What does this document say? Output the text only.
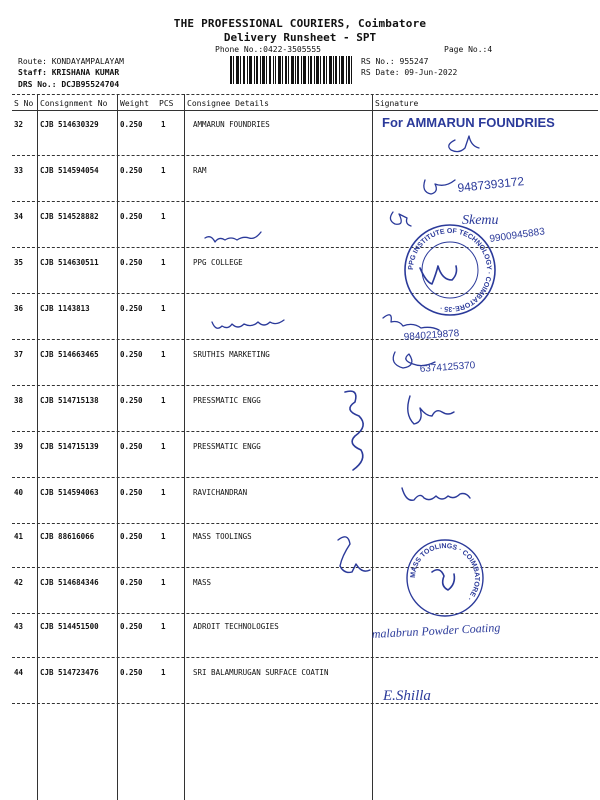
THE PROFESSIONAL COURIERS, Coimbatore
Delivery Runsheet - SPT
Phone No.:0422-3505555	Page No.:4
Route: KONDAYAMPALAYAM
Staff: KRISHANA KUMAR
DRS No.: DCJB95524704
RS No.: 955247
RS Date: 09-Jun-2022
S No Consignment No Weight PCS Consignee Details	Signature
32 CJB 514630329	0.250 1	AMMARUN FOUNDRIES
33 CJB 514594054	0.250 1	RAM
34 CJB 514528882	0.250 1
35 CJB 514630511	0.250 1	PPG COLLEGE
36 CJB 1143813	0.250 1
37 CJB 514663465	0.250 1	SRUTHIS MARKETING
38 CJB 514715138	0.250 1	PRESSMATIC ENGG
39 CJB 514715139	0.250 1	PRESSMATIC ENGG
40 CJB 514594063	0.250 1	RAVICHANDRAN
41 CJB 88616066	0.250 1	MASS TOOLINGS
42 CJB 514684346	0.250 1	MASS
43 CJB 514451500	0.250 1	ADROIT TECHNOLOGIES
44 CJB 514723476	0.250 1	SRI BALAMURUGAN SURFACE COATIN
For AMMARUN FOUNDRIES
9487393172
Skemu
9900945883
PPG INSTITUTE OF TECHNOLOGY · COIMBATORE-35 ·
9840219878
6374125370
MASS TOOLINGS · COIMBATORE ·
malabrun Powder Coating
E.Shilla
